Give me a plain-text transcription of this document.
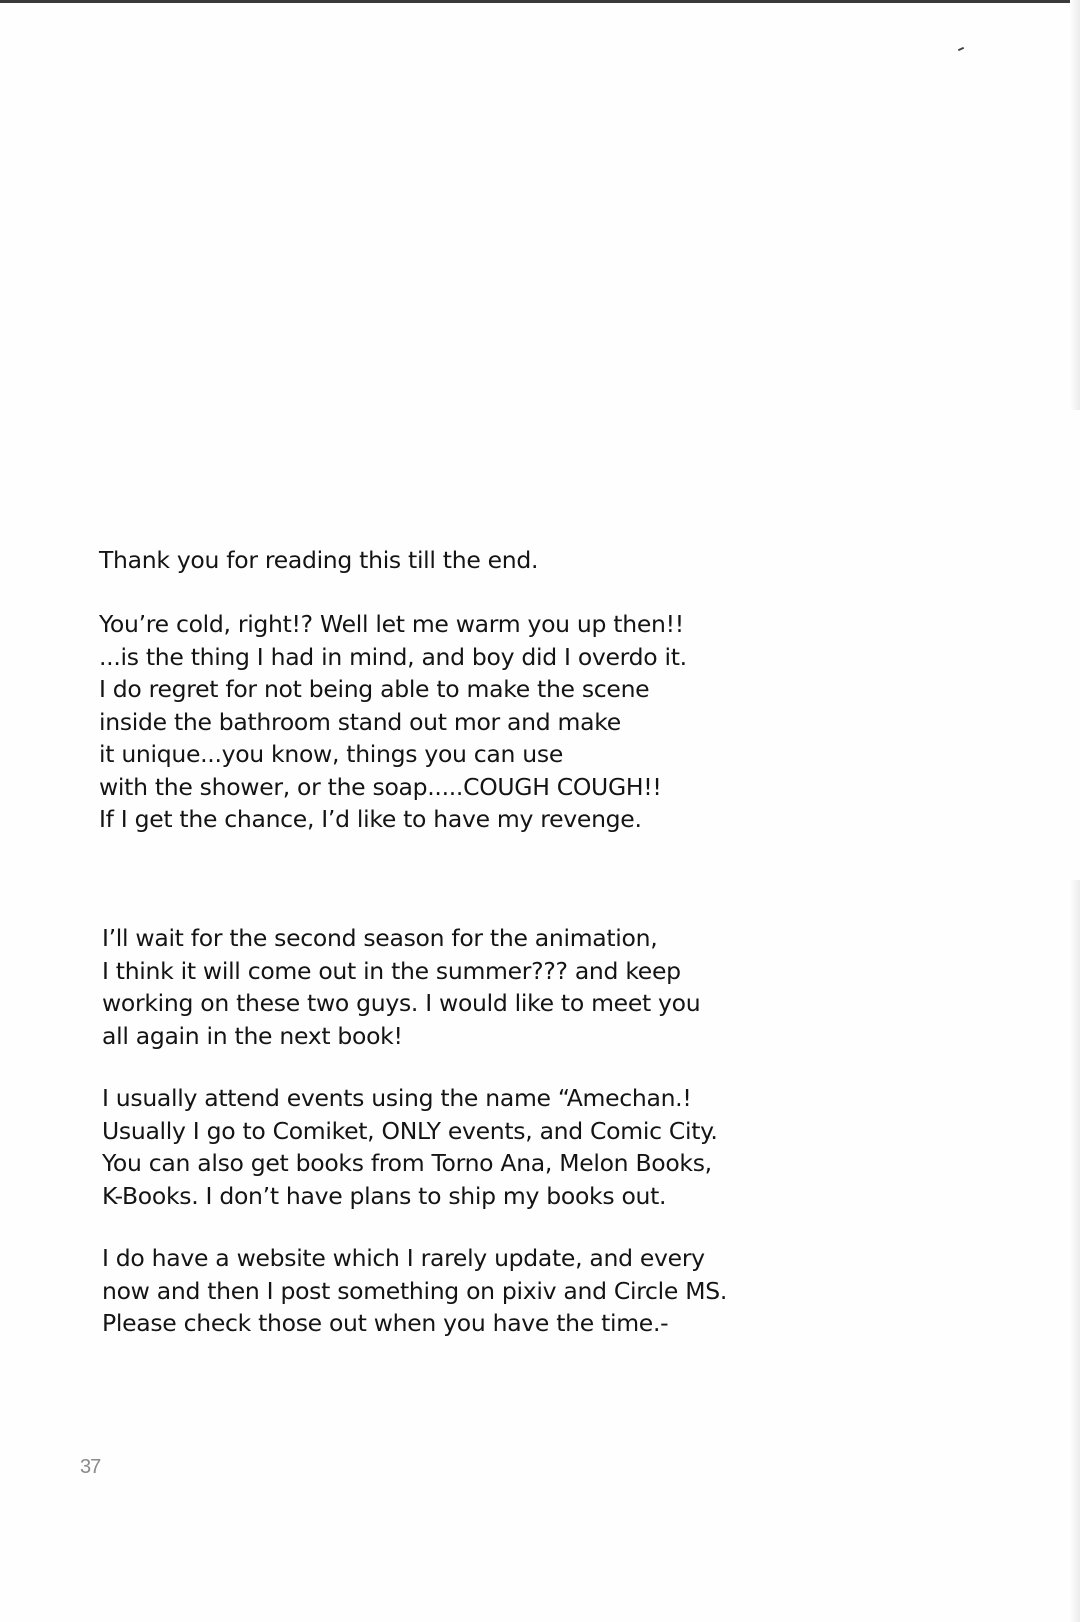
Thank you for reading this till the end.
You’re cold, right!? Well let me warm you up then!!
...is the thing I had in mind, and boy did I overdo it.
I do regret for not being able to make the scene
inside the bathroom stand out mor and make
it unique...you know, things you can use
with the shower, or the soap.....COUGH COUGH!!
If I get the chance, I’d like to have my revenge.
I’ll wait for the second season for the animation,
I think it will come out in the summer??? and keep
working on these two guys. I would like to meet you
all again in the next book!
I usually attend events using the name “Amechan.!
Usually I go to Comiket, ONLY events, and Comic City.
You can also get books from Torno Ana, Melon Books,
K-Books. I don’t have plans to ship my books out.
I do have a website which I rarely update, and every
now and then I post something on pixiv and Circle MS.
Please check those out when you have the time.-
37
